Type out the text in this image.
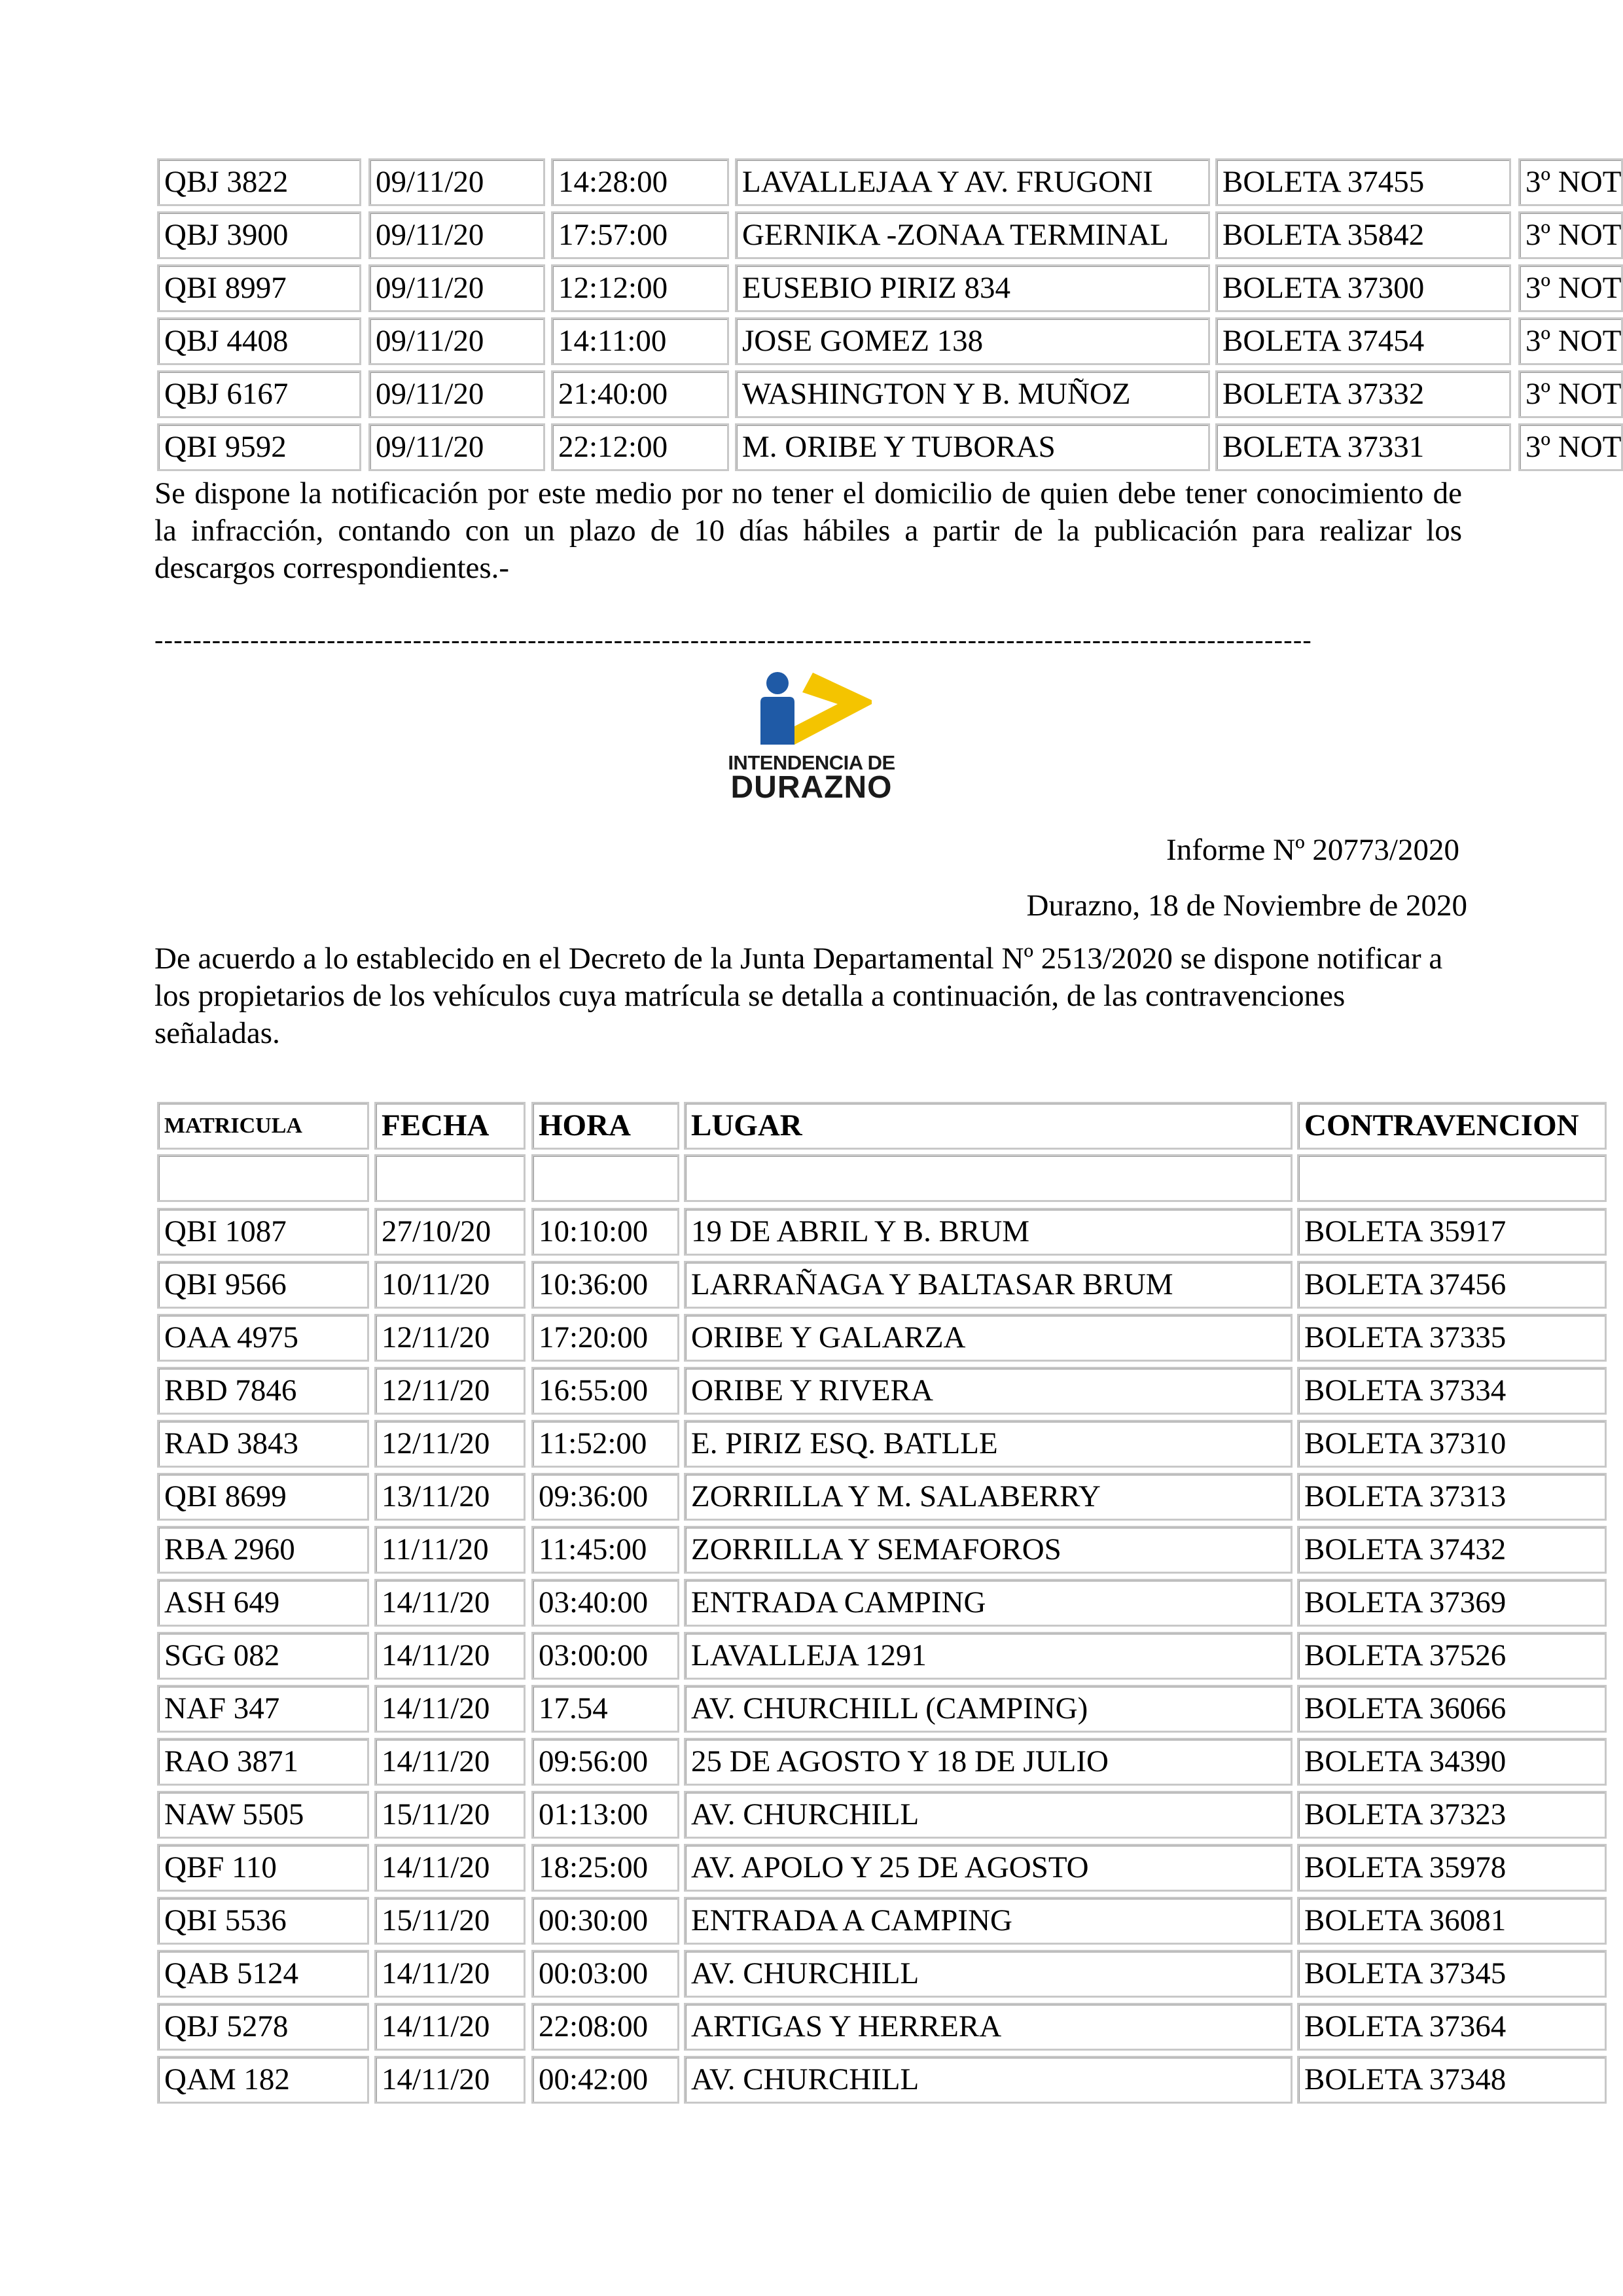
QBJ 3822	09/11/20	14:28:00	LAVALLEJAA Y AV. FRUGONI	BOLETA 37455	3º NOT
QBJ 3900	09/11/20	17:57:00	GERNIKA -ZONAA TERMINAL	BOLETA 35842	3º NOT
QBI 8997	09/11/20	12:12:00	EUSEBIO PIRIZ 834	BOLETA 37300	3º NOT
QBJ 4408	09/11/20	14:11:00	JOSE GOMEZ 138	BOLETA 37454	3º NOT
QBJ 6167	09/11/20	21:40:00	WASHINGTON Y B. MUÑOZ	BOLETA 37332	3º NOT
QBI 9592	09/11/20	22:12:00	M. ORIBE Y TUBORAS	BOLETA 37331	3º NOT
Se dispone la notificación por este medio por no tener el domicilio de quien debe tener conocimiento de la infracción, contando con un plazo de 10 días hábiles a partir de la publicación para realizar los descargos correspondientes.-
-------------------------------------------------------------------------------------------------------------------------
INTENDENCIA DE
DURAZNO
Informe Nº 20773/2020
Durazno, 18 de Noviembre de 2020
De acuerdo a lo establecido en el Decreto de la Junta Departamental Nº 2513/2020 se dispone notificar a los propietarios de los vehículos cuya matrícula se detalla a continuación, de las contravenciones señaladas.
MATRICULA	FECHA	HORA	LUGAR	CONTRAVENCION
QBI 1087	27/10/20	10:10:00	19 DE ABRIL Y B. BRUM	BOLETA 35917
QBI 9566	10/11/20	10:36:00	LARRAÑAGA Y BALTASAR BRUM	BOLETA 37456
OAA 4975	12/11/20	17:20:00	ORIBE Y GALARZA	BOLETA 37335
RBD 7846	12/11/20	16:55:00	ORIBE Y RIVERA	BOLETA 37334
RAD 3843	12/11/20	11:52:00	E. PIRIZ ESQ. BATLLE	BOLETA 37310
QBI 8699	13/11/20	09:36:00	ZORRILLA Y M. SALABERRY	BOLETA 37313
RBA 2960	11/11/20	11:45:00	ZORRILLA Y SEMAFOROS	BOLETA 37432
ASH 649	14/11/20	03:40:00	ENTRADA CAMPING	BOLETA 37369
SGG 082	14/11/20	03:00:00	LAVALLEJA 1291	BOLETA 37526
NAF 347	14/11/20	17.54	AV. CHURCHILL (CAMPING)	BOLETA 36066
RAO 3871	14/11/20	09:56:00	25 DE AGOSTO Y 18 DE JULIO	BOLETA 34390
NAW 5505	15/11/20	01:13:00	AV. CHURCHILL	BOLETA 37323
QBF 110	14/11/20	18:25:00	AV. APOLO Y 25 DE AGOSTO	BOLETA 35978
QBI 5536	15/11/20	00:30:00	ENTRADA A CAMPING	BOLETA 36081
QAB 5124	14/11/20	00:03:00	AV. CHURCHILL	BOLETA 37345
QBJ 5278	14/11/20	22:08:00	ARTIGAS Y HERRERA	BOLETA 37364
QAM 182	14/11/20	00:42:00	AV. CHURCHILL	BOLETA 37348
